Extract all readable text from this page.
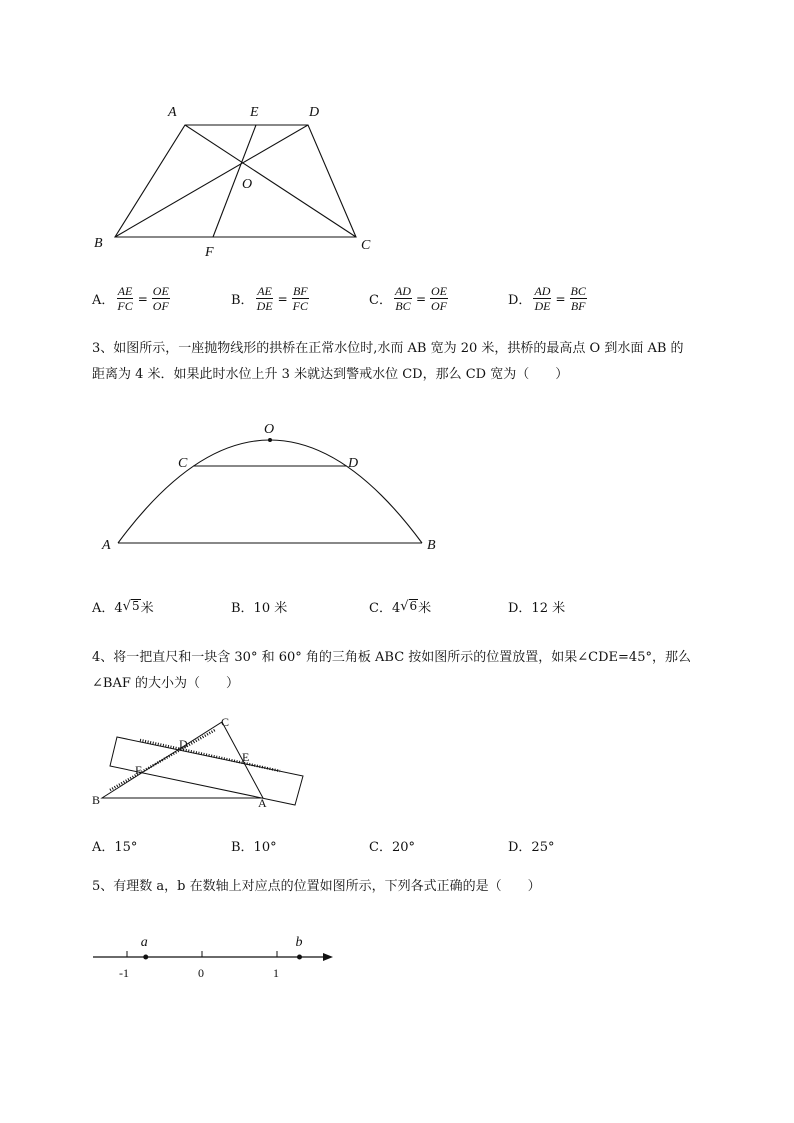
A	E	D
O
B
F	C
A． $\frac{AE}{FC} = \frac{OE}{OF}$	B． $\frac{AE}{DE} = \frac{BF}{FC}$	C． $\frac{AD}{BC} = \frac{OE}{OF}$	D． $\frac{AD}{DE} = \frac{BC}{BF}$
3、如图所示，一座抛物线形的拱桥在正常水位时,水而 AB 宽为 20 米，拱桥的最高点 O 到水面 AB 的
距离为 4 米．如果此时水位上升 3 米就达到警戒水位 CD，那么 CD 宽为（　　）
O
C	D
A	B
A．4 √ 5 米	B．10 米	C．4 √ 6 米	D．12 米
4、将一把直尺和一块含 30° 和 60° 角的三角板 ABC 按如图所示的位置放置，如果∠CDE=45°，那么
∠BAF 的大小为（　　）
C
D
E
F
B	A
A．15°	B．10°	C．20°	D．25°
5、有理数 a，b 在数轴上对应点的位置如图所示，下列各式正确的是（　　）
-1	0	1
a	b
